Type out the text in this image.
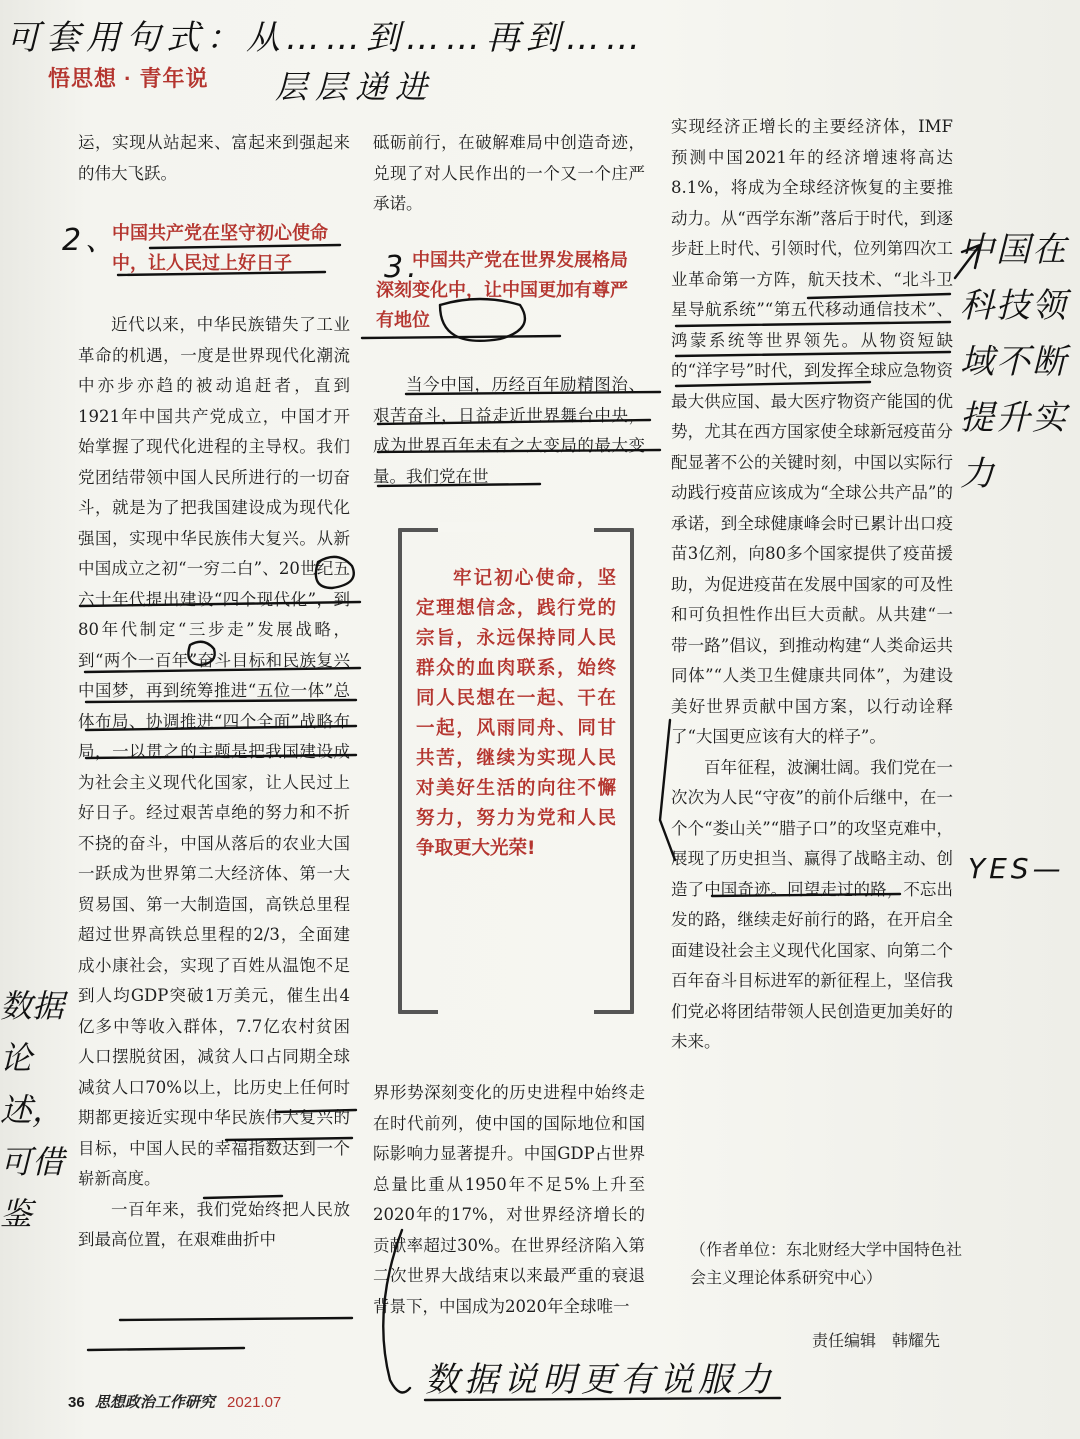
可套用句式：从……到……再到……
层层递进
悟思想 · 青年说

运，实现从站起来、富起来到强起来的伟大飞跃。

2、
中国共产党在坚守初心使命中，让人民过上好日子

近代以来，中华民族错失了工业革命的机遇，一度是世界现代化潮流中亦步亦趋的被动追赶者，直到1921年中国共产党成立，中国才开始掌握了现代化进程的主导权。我们党团结带领中国人民所进行的一切奋斗，就是为了把我国建设成为现代化强国，实现中华民族伟大复兴。从新中国成立之初“一穷二白”、20世纪五六十年代提出建设“四个现代化”，到80年代制定“三步走”发展战略，到“两个一百年”奋斗目标和民族复兴中国梦，再到统筹推进“五位一体”总体布局、协调推进“四个全面”战略布局，一以贯之的主题是把我国建设成为社会主义现代化国家，让人民过上好日子。经过艰苦卓绝的努力和不折不挠的奋斗，中国从落后的农业大国一跃成为世界第二大经济体、第一大贸易国、第一大制造国，高铁总里程超过世界高铁总里程的2/3，全面建成小康社会，实现了百姓从温饱不足到人均GDP突破1万美元，催生出4亿多中等收入群体，7.7亿农村贫困人口摆脱贫困，减贫人口占同期全球减贫人口70%以上，比历史上任何时期都更接近实现中华民族伟大复兴的目标，中国人民的幸福指数达到一个崭新高度。

一百年来，我们党始终把人民放到最高位置，在艰难曲折中

砥砺前行，在破解难局中创造奇迹，兑现了对人民作出的一个又一个庄严承诺。

3.
中国共产党在世界发展格局深刻变化中，让中国更加有尊严有地位

当今中国，历经百年励精图治、艰苦奋斗，日益走近世界舞台中央，成为世界百年未有之大变局的最大变量。我们党在世

牢记初心使命，坚定理想信念，践行党的宗旨，永远保持同人民群众的血肉联系，始终同人民想在一起、干在一起，风雨同舟、同甘共苦，继续为实现人民对美好生活的向往不懈努力，努力为党和人民争取更大光荣!

界形势深刻变化的历史进程中始终走在时代前列，使中国的国际地位和国际影响力显著提升。中国GDP占世界总量比重从1950年不足5%上升至2020年的17%，对世界经济增长的贡献率超过30%。在世界经济陷入第二次世界大战结束以来最严重的衰退背景下，中国成为2020年全球唯一

实现经济正增长的主要经济体，IMF预测中国2021年的经济增速将高达8.1%，将成为全球经济恢复的主要推动力。从“西学东渐”落后于时代，到逐步赶上时代、引领时代，位列第四次工业革命第一方阵，航天技术、“北斗卫星导航系统”“第五代移动通信技术”、鸿蒙系统等世界领先。从物资短缺的“洋字号”时代，到发挥全球应急物资最大供应国、最大医疗物资产能国的优势，尤其在西方国家使全球新冠疫苗分配显著不公的关键时刻，中国以实际行动践行疫苗应该成为“全球公共产品”的承诺，到全球健康峰会时已累计出口疫苗3亿剂，向80多个国家提供了疫苗援助，为促进疫苗在发展中国家的可及性和可负担性作出巨大贡献。从共建“一带一路”倡议，到推动构建“人类命运共同体”“人类卫生健康共同体”，为建设美好世界贡献中国方案，以行动诠释了“大国更应该有大的样子”。

百年征程，波澜壮阔。我们党在一次次为人民“守夜”的前仆后继中，在一个个“娄山关”“腊子口”的攻坚克难中，展现了历史担当、赢得了战略主动、创造了中国奇迹。回望走过的路，不忘出发的路，继续走好前行的路，在开启全面建设社会主义现代化国家、向第二个百年奋斗目标进军的新征程上，坚信我们党必将团结带领人民创造更加美好的未来。

（作者单位：东北财经大学中国特色社会主义理论体系研究中心）
责任编辑　韩耀先
中国在科技领域不断提升实力
YES—
数据论述，可借鉴
数据说明更有说服力
36 思想政治工作研究 2021.07
